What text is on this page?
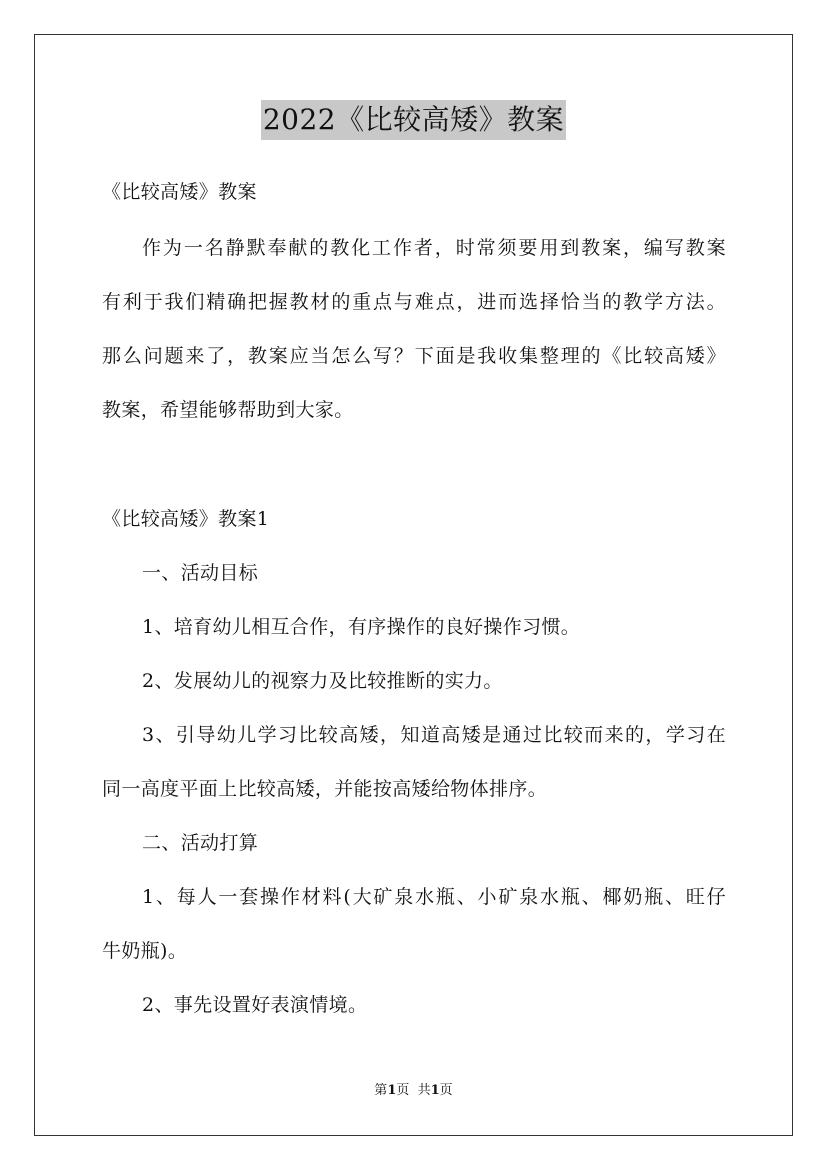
2022《比较高矮》教案
《比较高矮》教案
作为一名静默奉献的教化工作者，时常须要用到教案，编写教案
有利于我们精确把握教材的重点与难点，进而选择恰当的教学方法。
那么问题来了，教案应当怎么写？下面是我收集整理的《比较高矮》
教案，希望能够帮助到大家。
《比较高矮》教案1
一、活动目标
1、培育幼儿相互合作，有序操作的良好操作习惯。
2、发展幼儿的视察力及比较推断的实力。
3、引导幼儿学习比较高矮，知道高矮是通过比较而来的，学习在
同一高度平面上比较高矮，并能按高矮给物体排序。
二、活动打算
1、每人一套操作材料(大矿泉水瓶、小矿泉水瓶、椰奶瓶、旺仔
牛奶瓶)。
2、事先设置好表演情境。
第1页  共1页
